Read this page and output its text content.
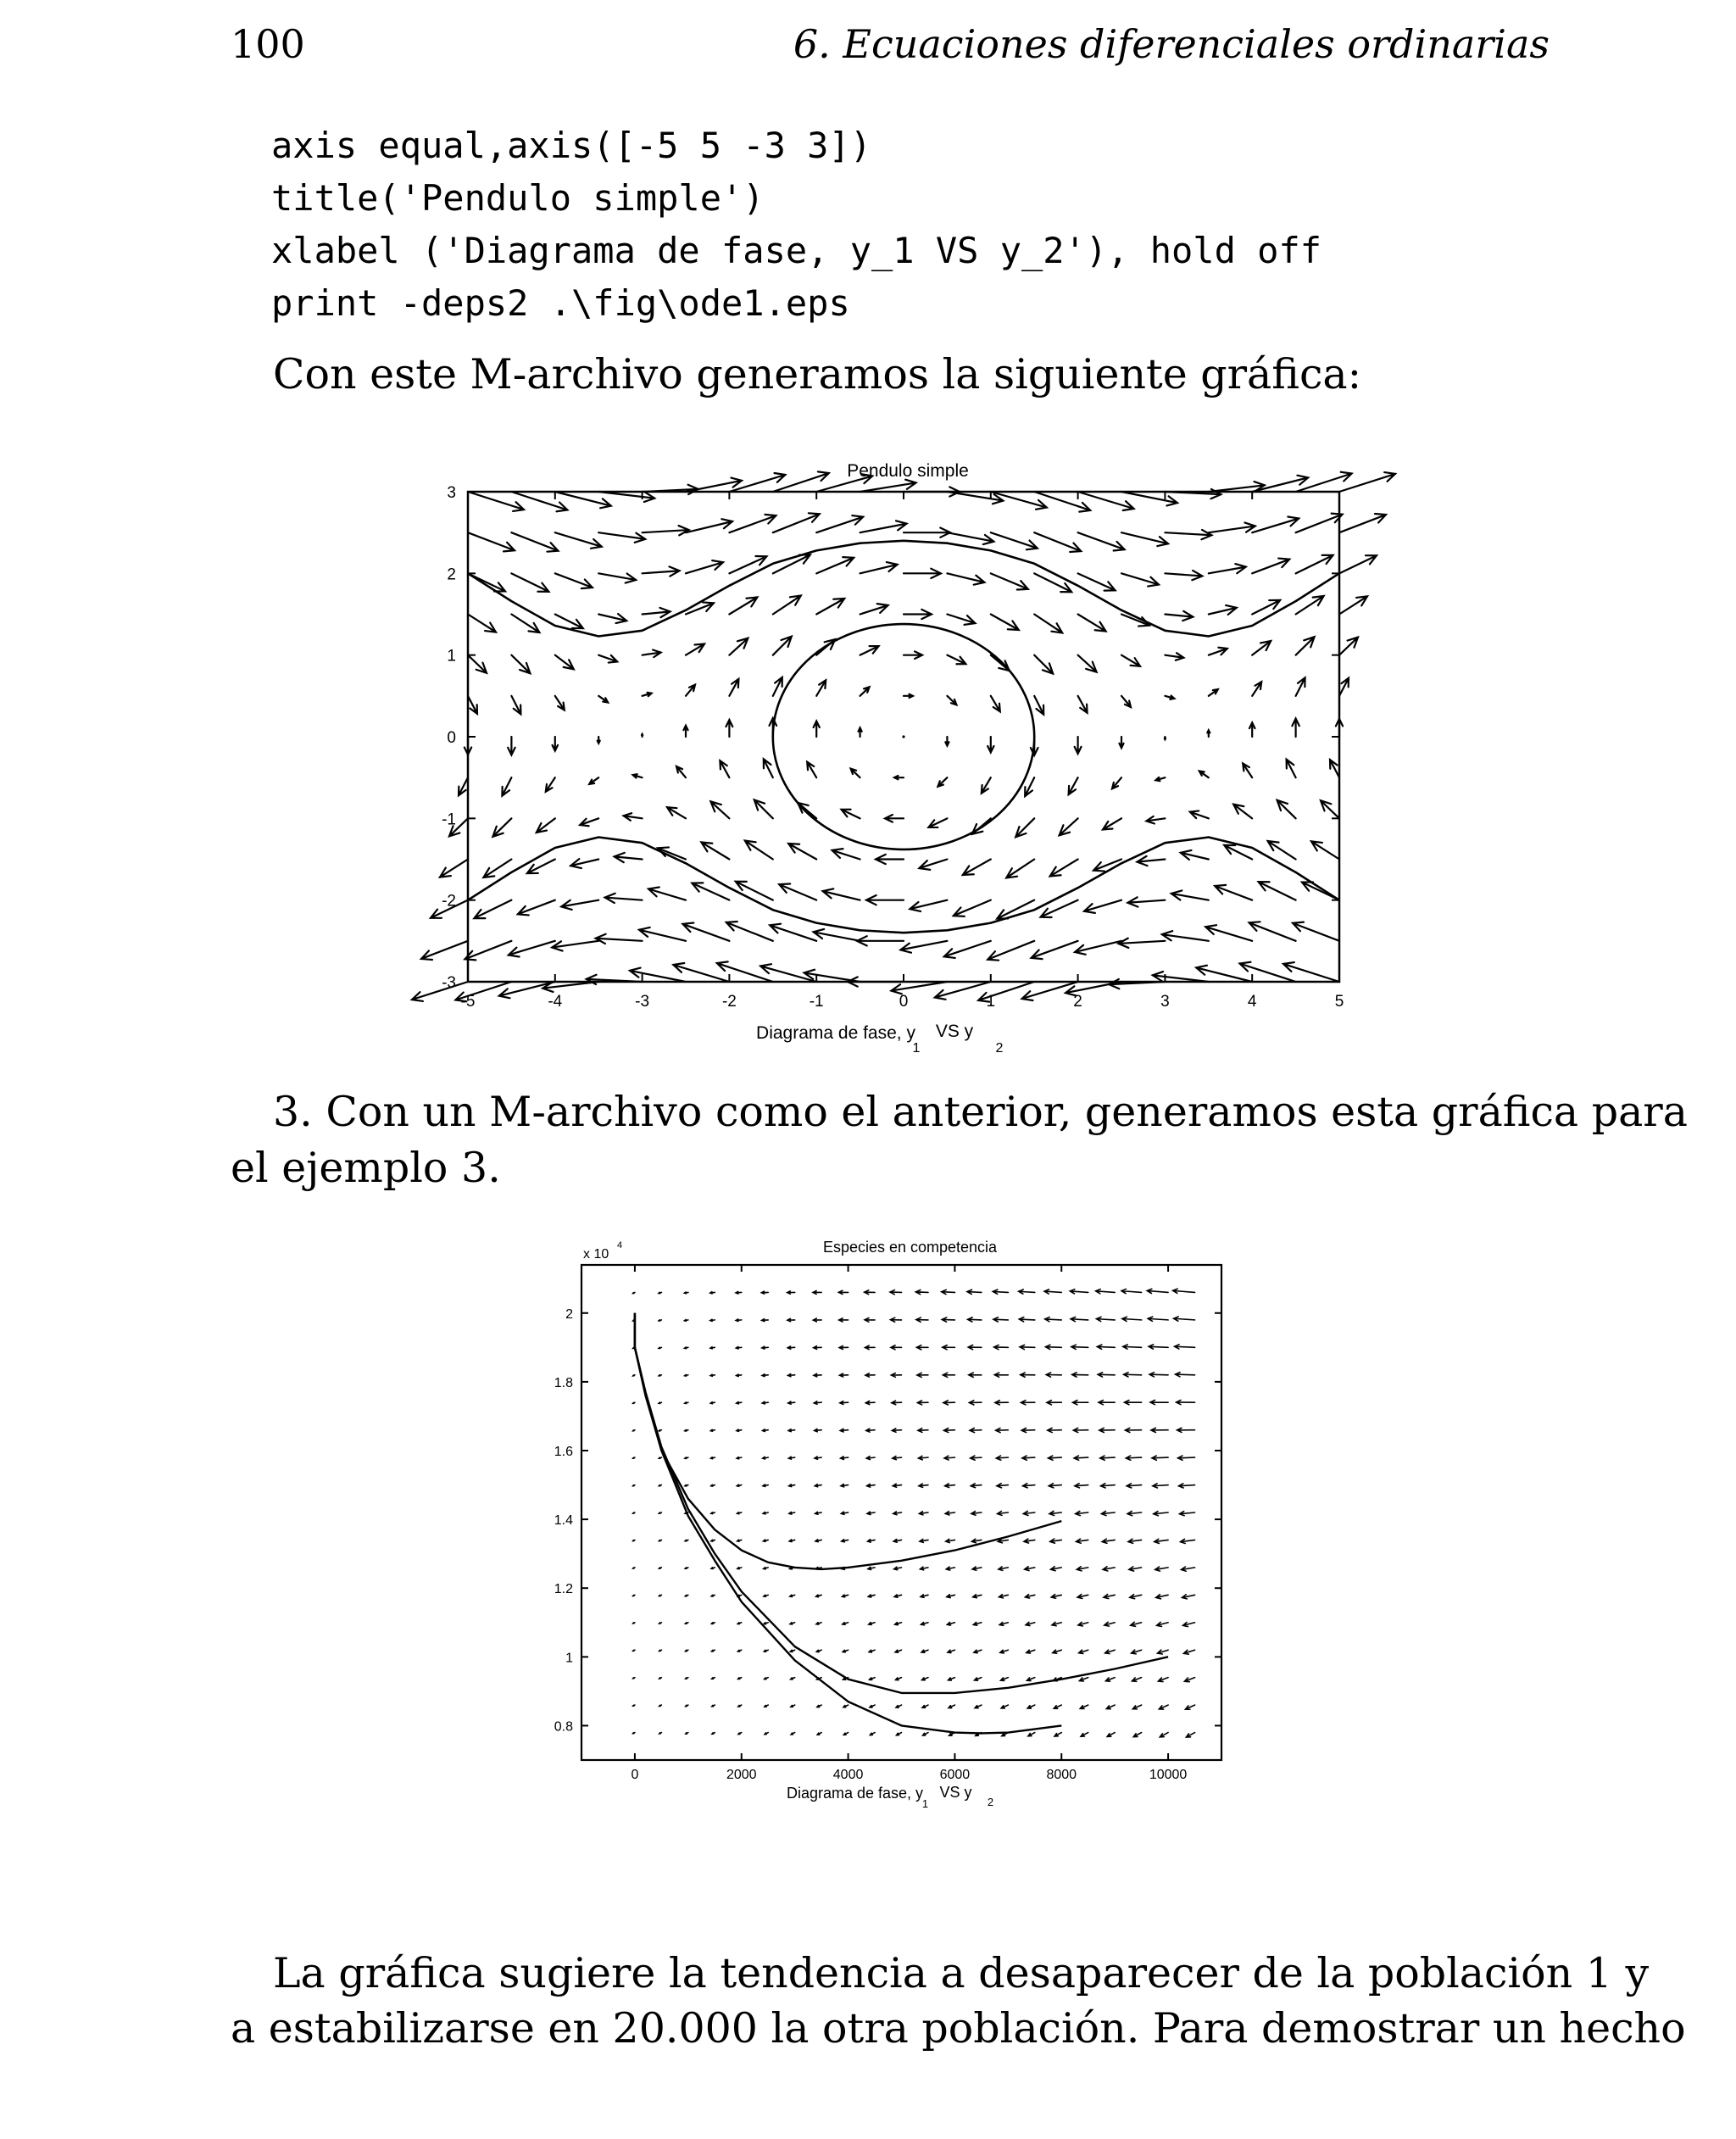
100	6. Ecuaciones diferenciales ordinarias
axis equal,axis([-5 5 -3 3])
title('Pendulo simple')
xlabel ('Diagrama de fase, y_1 VS y_2'), hold off
print -deps2 .\fig\ode1.eps
Con este M-archivo generamos la siguiente gráfica:
-5	-4	-3	-2	-1	0	1	2	3	4	5
-3
-2
-1
0
1
2
3
Pendulo simple
Diagrama de fase, y
1
VS y
2
0	2000	4000	6000	8000	10000
0.8
1
1.2
1.4
1.6
1.8
2
x 10
4	Especies en competencia
Diagrama de fase, y
1
VS y
2
3. Con un M-archivo como el anterior, generamos esta gráfica para
el ejemplo 3.
La gráfica sugiere la tendencia a desaparecer de la población 1 y
a estabilizarse en 20.000 la otra población. Para demostrar un hecho
